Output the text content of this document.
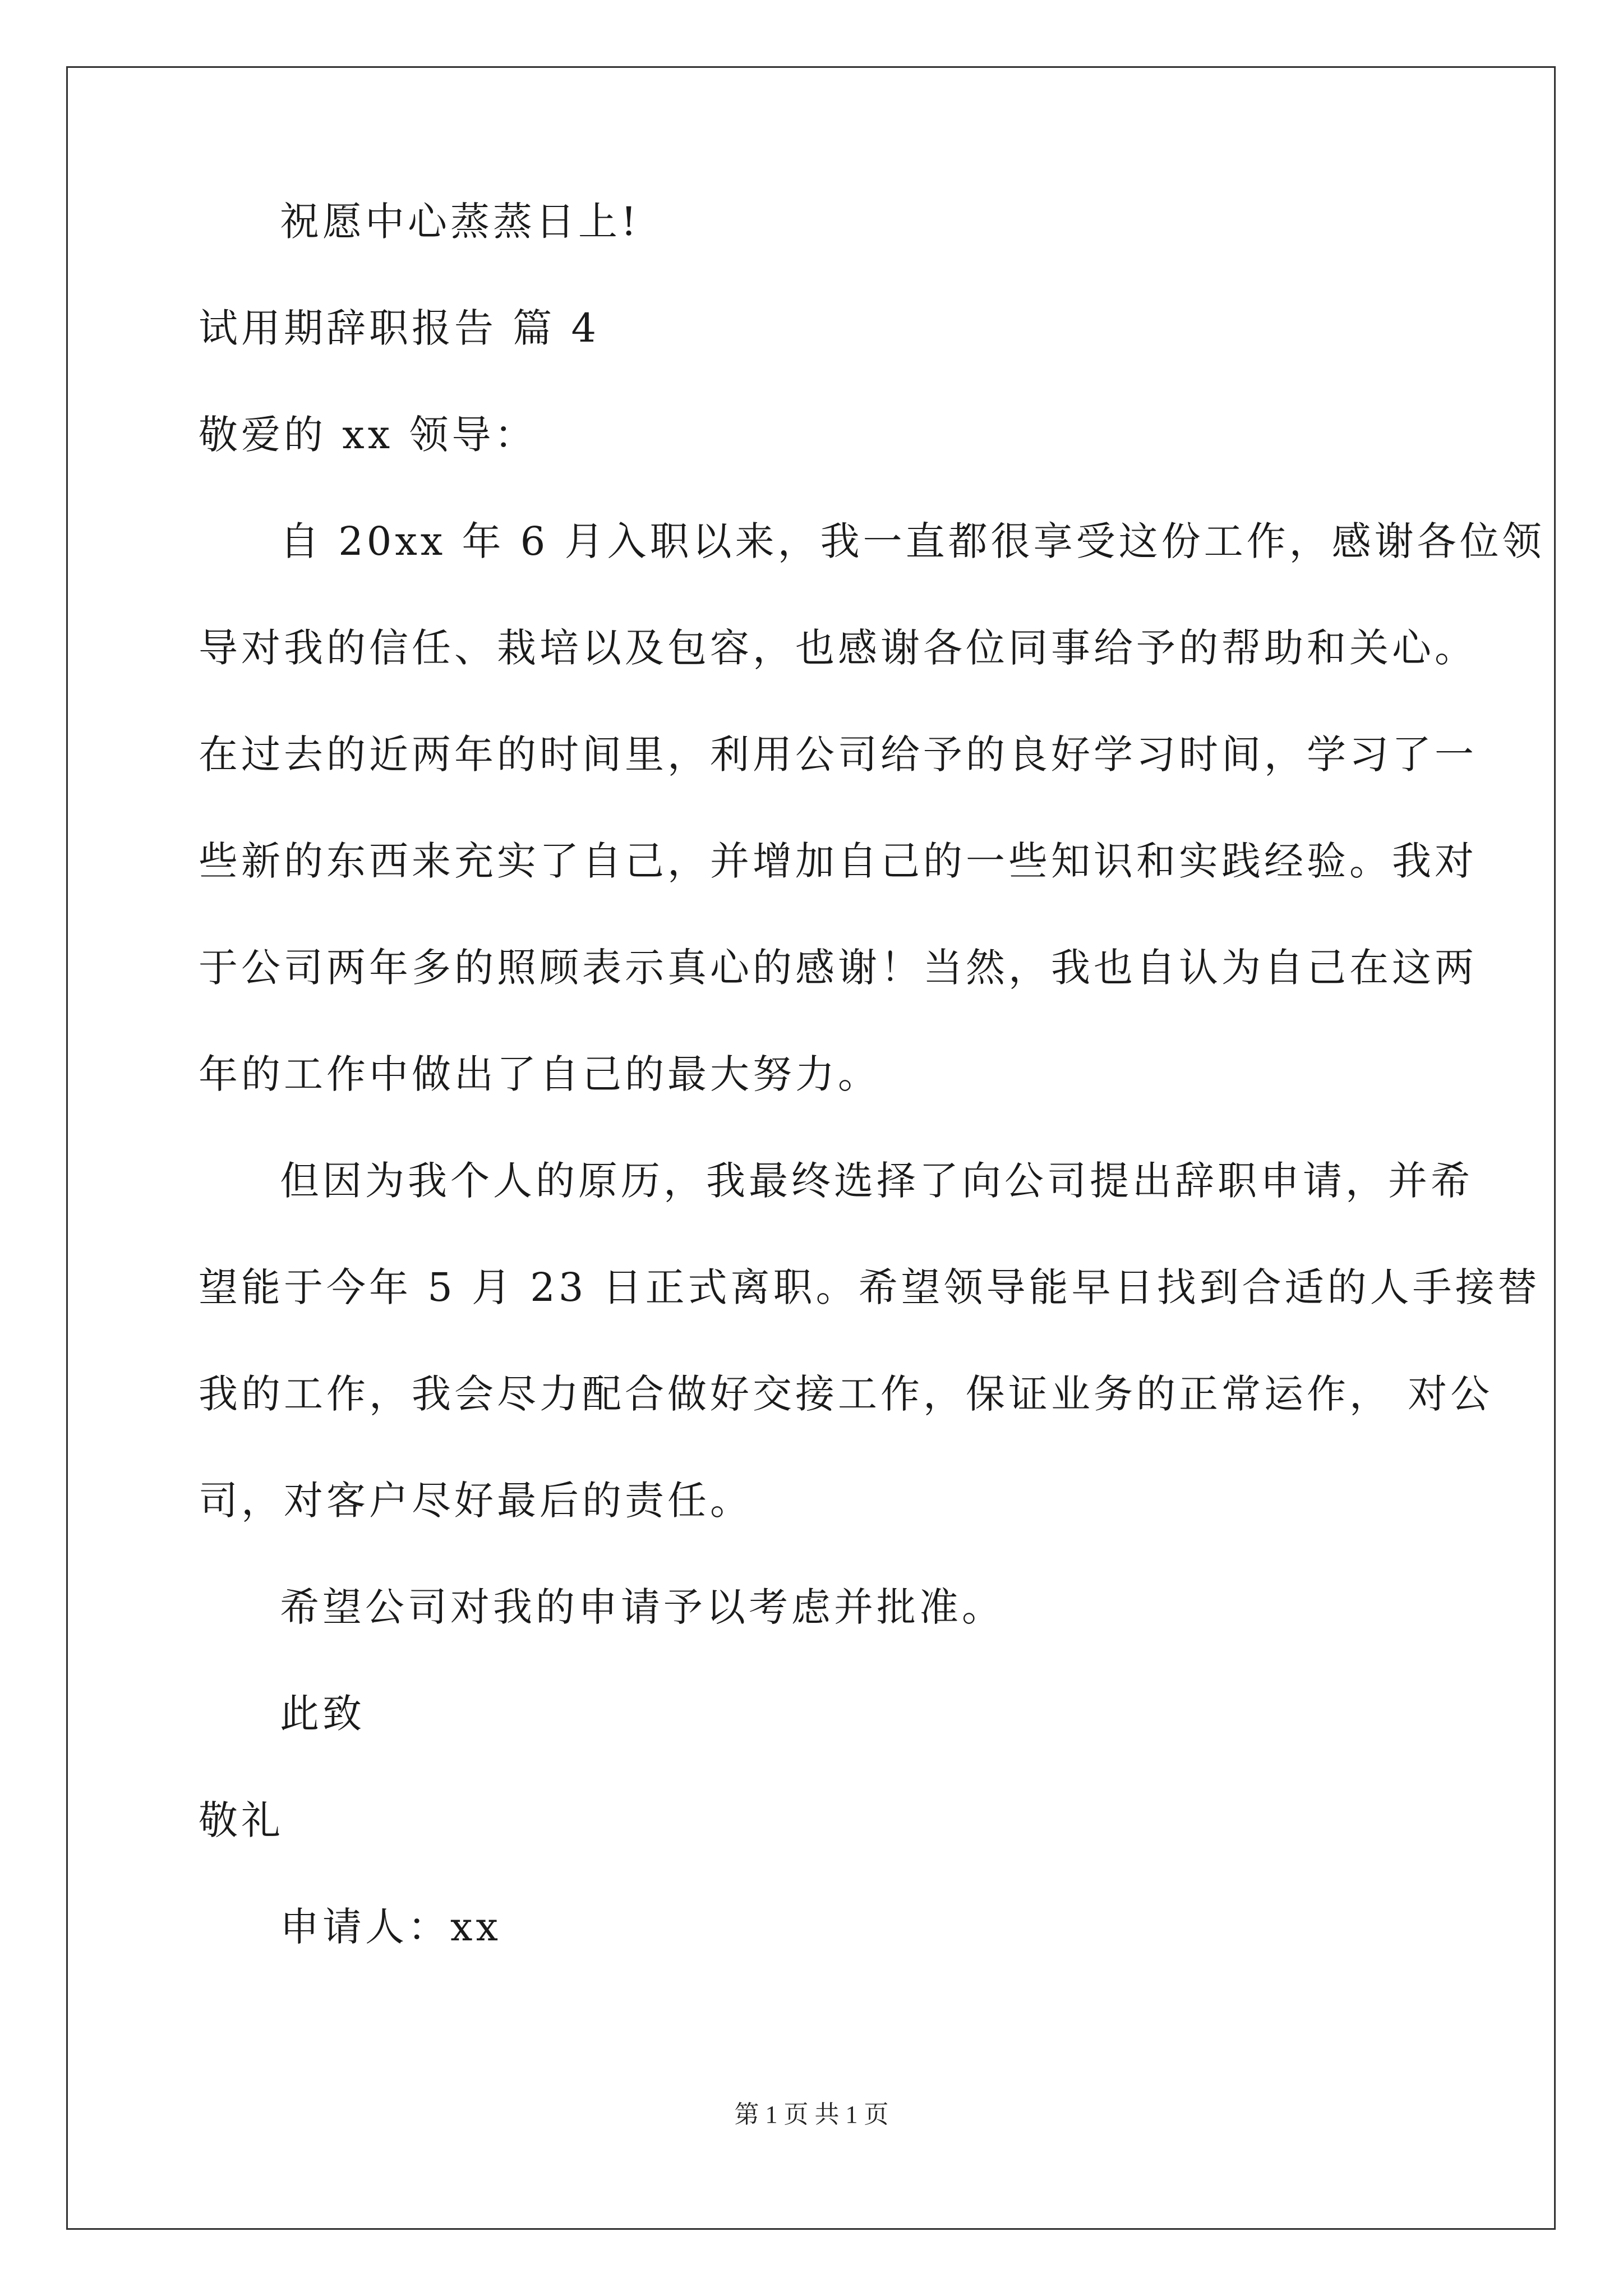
祝愿中心蒸蒸日上!

试用期辞职报告 篇 4

敬爱的 xx 领导：

自 20xx 年 6 月入职以来，我一直都很享受这份工作，感谢各位领

导对我的信任、栽培以及包容，也感谢各位同事给予的帮助和关心。

在过去的近两年的时间里，利用公司给予的良好学习时间，学习了一

些新的东西来充实了自己，并增加自己的一些知识和实践经验。我对

于公司两年多的照顾表示真心的感谢！当然，我也自认为自己在这两

年的工作中做出了自己的最大努力。

但因为我个人的原历，我最终选择了向公司提出辞职申请，并希

望能于今年 5 月 23 日正式离职。希望领导能早日找到合适的人手接替

我的工作，我会尽力配合做好交接工作，保证业务的正常运作， 对公

司，对客户尽好最后的责任。

希望公司对我的申请予以考虑并批准。

此致

敬礼

申请人：xx

第 1 页 共 1 页
